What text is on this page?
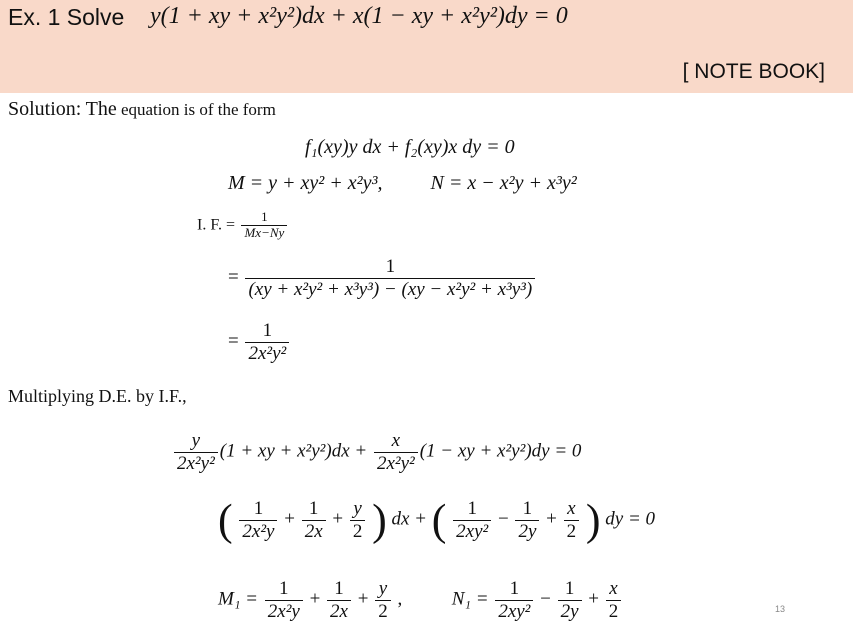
Ex. 1 Solve y(1 + xy + x²y²)dx + x(1 − xy + x²y²)dy = 0
[ NOTE BOOK]
Solution: The equation is of the form
f₁(xy)y dx + f₂(xy)x dy = 0
M = y + xy² + x²y³, N = x − x²y + x³y²
I. F. = $\frac{1}{Mx-Ny}$
= $\frac{1}{\text{(xy + x²y² + x³y³) − (xy − x²y² + x³y³)}}$
= $\frac{1}{\text{2x²y²}}$
Multiplying D.E. by I.F.,
$\frac{y}{\text{2x²y²}} (1$ + xy + $x^2y^2)dx + \frac{x}{\text{2x²y²}} (1$ − xy + x²y²)dy = 0
( $\frac{1}{\text{2x²y}} + \frac{1}{2x} + \frac{y}{2}$ ) dx + ( $\frac{1}{\text{2xy²}} - \frac{1}{2y} + \frac{x}{2}$ ) dy = 0
$M_1 = \frac{1}{\text{2x²y}} + \frac{1}{2x} + \frac{y}{2}$ ,	$N_1 = \frac{1}{\text{2xy²}} - \frac{1}{2y} + \frac{x}{2}$	13
